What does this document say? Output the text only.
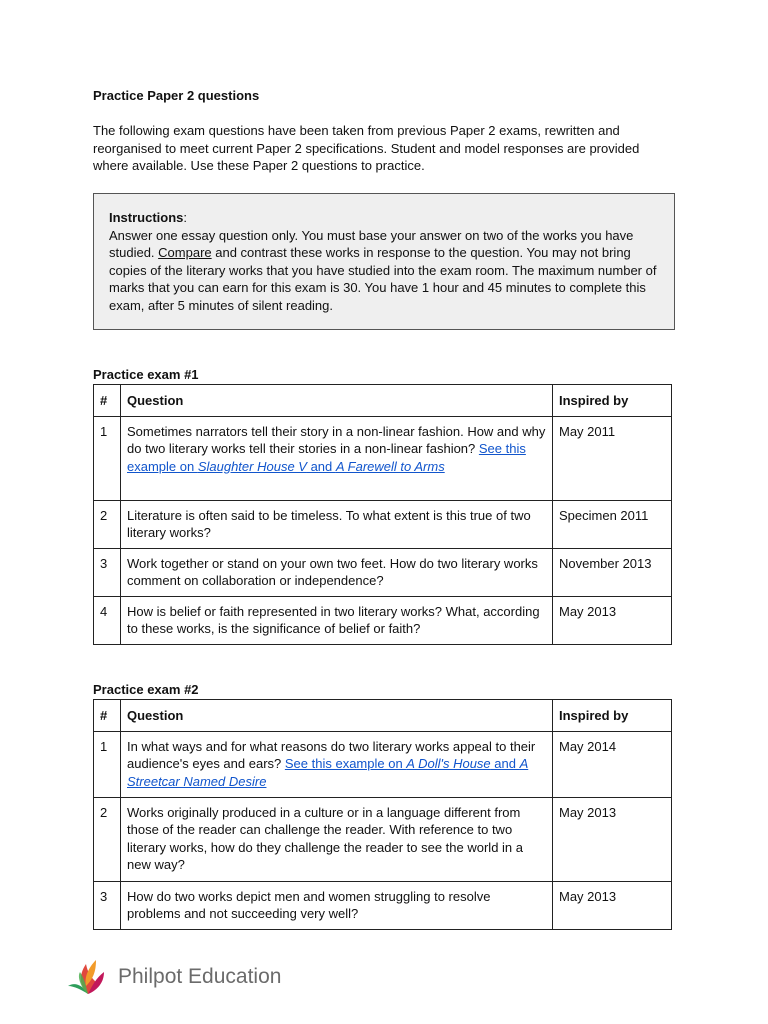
Practice Paper 2 questions
The following exam questions have been taken from previous Paper 2 exams, rewritten and reorganised to meet current Paper 2 specifications. Student and model responses are provided where available. Use these Paper 2 questions to practice.
Instructions:
Answer one essay question only. You must base your answer on two of the works you have studied. Compare and contrast these works in response to the question. You may not bring copies of the literary works that you have studied into the exam room. The maximum number of marks that you can earn for this exam is 30. You have 1 hour and 45 minutes to complete this exam, after 5 minutes of silent reading.
Practice exam #1
#	Question	Inspired by
1	Sometimes narrators tell their story in a non-linear fashion. How and why do two literary works tell their stories in a non-linear fashion? See this example on Slaughter House V and A Farewell to Arms	May 2011
2	Literature is often said to be timeless. To what extent is this true of two literary works?	Specimen 2011
3	Work together or stand on your own two feet. How do two literary works comment on collaboration or independence?	November 2013
4	How is belief or faith represented in two literary works? What, according to these works, is the significance of belief or faith?	May 2013
Practice exam #2
#	Question	Inspired by
1	In what ways and for what reasons do two literary works appeal to their audience's eyes and ears? See this example on A Doll's House and A Streetcar Named Desire	May 2014
2	Works originally produced in a culture or in a language different from those of the reader can challenge the reader. With reference to two literary works, how do they challenge the reader to see the world in a new way?	May 2013
3	How do two works depict men and women struggling to resolve problems and not succeeding very well?	May 2013
Philpot Education
